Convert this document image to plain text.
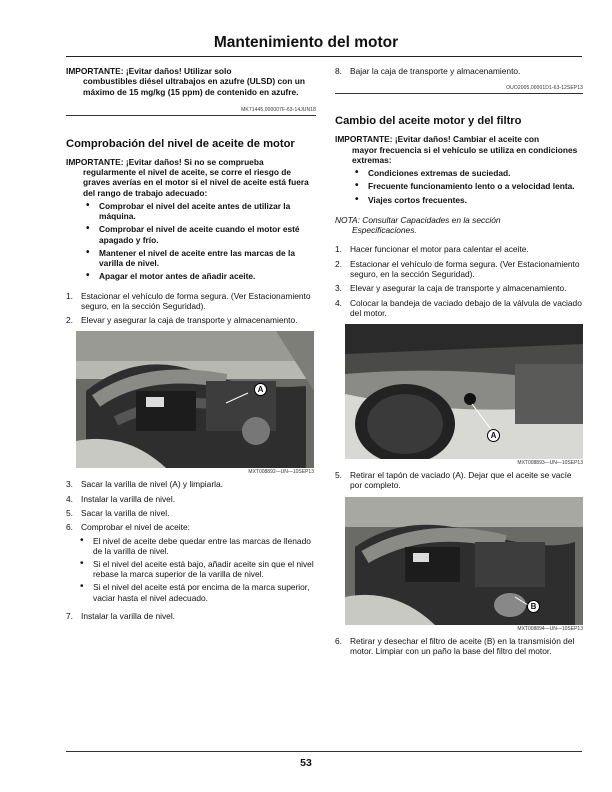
Mantenimiento del motor
IMPORTANTE: ¡Evitar daños! Utilizar solo
combustibles diésel ultrabajos en azufre (ULSD) con un máximo de 15 mg/kg (15 ppm) de contenido en azufre.
MK71445,000007F-63-14JUN18
Comprobación del nivel de aceite de motor
IMPORTANTE: ¡Evitar daños! Si no se comprueba
regularmente el nivel de aceite, se corre el riesgo de graves averías en el motor si el nivel de aceite está fuera del rango de trabajo adecuado:
• Comprobar el nivel del aceite antes de utilizar la máquina.
• Comprobar el nivel de aceite cuando el motor esté apagado y frío.
• Mantener el nivel de aceite entre las marcas de la varilla de nivel.
• Apagar el motor antes de añadir aceite.
1. Estacionar el vehículo de forma segura. (Ver Estacionamiento seguro, en la sección Seguridad).
2. Elevar y asegurar la caja de transporte y almacenamiento.
A
MXT008892—UN—10SEP13
3. Sacar la varilla de nivel (A) y limpiarla.
4. Instalar la varilla de nivel.
5. Sacar la varilla de nivel.
6. Comprobar el nivel de aceite:
• El nivel de aceite debe quedar entre las marcas de llenado de la varilla de nivel.
• Si el nivel del aceite está bajo, añadir aceite sin que el nivel rebase la marca superior de la varilla de nivel.
• Si el nivel del aceite está por encima de la marca superior, vaciar hasta el nivel adecuado.
7. Instalar la varilla de nivel.
8. Bajar la caja de transporte y almacenamiento.
OUO2005,00001D1-63-12SEP13
Cambio del aceite motor y del filtro
IMPORTANTE: ¡Evitar daños! Cambiar el aceite con
mayor frecuencia si el vehículo se utiliza en condiciones extremas:
• Condiciones extremas de suciedad.
• Frecuente funcionamiento lento o a velocidad lenta.
• Viajes cortos frecuentes.
NOTA: Consultar Capacidades en la sección
Especificaciones.
1. Hacer funcionar el motor para calentar el aceite.
2. Estacionar el vehículo de forma segura. (Ver Estacionamiento seguro, en la sección Seguridad).
3. Elevar y asegurar la caja de transporte y almacenamiento.
4. Colocar la bandeja de vaciado debajo de la válvula de vaciado del motor.
A
MXT008893—UN—10SEP13
5. Retirar el tapón de vaciado (A). Dejar que el aceite se vacíe por completo.
B
MXT008894—UN—10SEP13
6. Retirar y desechar el filtro de aceite (B) en la transmisión del motor. Limpiar con un paño la base del filtro del motor.
53
